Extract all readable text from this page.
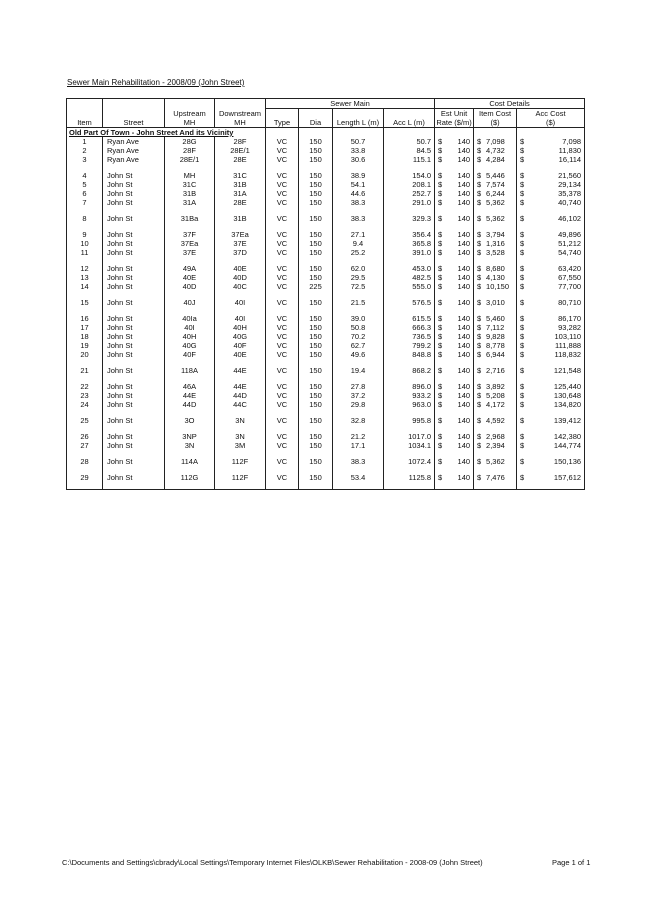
Sewer Main Rehabilitation - 2008/09 (John Street)
				Sewer Main				Cost Details		
		Upstream	Downstream					Est Unit	Item Cost	Acc Cost
Item	Street	MH	MH	Type	Dia	Length L (m)	Acc L (m)	Rate ($/m)	($)	($)
Old Part Of Town - John Street And its Vicinity										
1	Ryan Ave	28G	28F	VC	150	50.7	50.7	$ 140	$ 7,098	$ 7,098

2	Ryan Ave	28F	28E/1	VC	150	33.8	84.5	$ 140	$ 4,732	$ 11,830

3	Ryan Ave	28E/1	28E	VC	150	30.6	115.1	$ 140	$ 4,284	$ 16,114

4	John St	MH	31C	VC	150	38.9	154.0	$ 140	$ 5,446	$ 21,560

5	John St	31C	31B	VC	150	54.1	208.1	$ 140	$ 7,574	$ 29,134

6	John St	31B	31A	VC	150	44.6	252.7	$ 140	$ 6,244	$ 35,378

7	John St	31A	28E	VC	150	38.3	291.0	$ 140	$ 5,362	$ 40,740

8	John St	31Ba	31B	VC	150	38.3	329.3	$ 140	$ 5,362	$ 46,102

9	John St	37F	37Ea	VC	150	27.1	356.4	$ 140	$ 3,794	$ 49,896

10	John St	37Ea	37E	VC	150	9.4	365.8	$ 140	$ 1,316	$ 51,212

11	John St	37E	37D	VC	150	25.2	391.0	$ 140	$ 3,528	$ 54,740

12	John St	49A	40E	VC	150	62.0	453.0	$ 140	$ 8,680	$ 63,420

13	John St	40E	40D	VC	150	29.5	482.5	$ 140	$ 4,130	$ 67,550

14	John St	40D	40C	VC	225	72.5	555.0	$ 140	$ 10,150	$ 77,700

15	John St	40J	40I	VC	150	21.5	576.5	$ 140	$ 3,010	$ 80,710

16	John St	40Ia	40I	VC	150	39.0	615.5	$ 140	$ 5,460	$ 86,170

17	John St	40I	40H	VC	150	50.8	666.3	$ 140	$ 7,112	$ 93,282

18	John St	40H	40G	VC	150	70.2	736.5	$ 140	$ 9,828	$ 103,110

19	John St	40G	40F	VC	150	62.7	799.2	$ 140	$ 8,778	$ 111,888

20	John St	40F	40E	VC	150	49.6	848.8	$ 140	$ 6,944	$ 118,832

21	John St	118A	44E	VC	150	19.4	868.2	$ 140	$ 2,716	$ 121,548

22	John St	46A	44E	VC	150	27.8	896.0	$ 140	$ 3,892	$ 125,440

23	John St	44E	44D	VC	150	37.2	933.2	$ 140	$ 5,208	$ 130,648

24	John St	44D	44C	VC	150	29.8	963.0	$ 140	$ 4,172	$ 134,820

25	John St	3O	3N	VC	150	32.8	995.8	$ 140	$ 4,592	$ 139,412

26	John St	3NP	3N	VC	150	21.2	1017.0	$ 140	$ 2,968	$ 142,380

27	John St	3N	3M	VC	150	17.1	1034.1	$ 140	$ 2,394	$ 144,774

28	John St	114A	112F	VC	150	38.3	1072.4	$ 140	$ 5,362	$ 150,136

29	John St	112G	112F	VC	150	53.4	1125.8	$ 140	$ 7,476	$ 157,612

C:\Documents and Settings\cbrady\Local Settings\Temporary Internet Files\OLKB\Sewer Rehabilitation - 2008-09 (John Street)	Page 1 of 1
